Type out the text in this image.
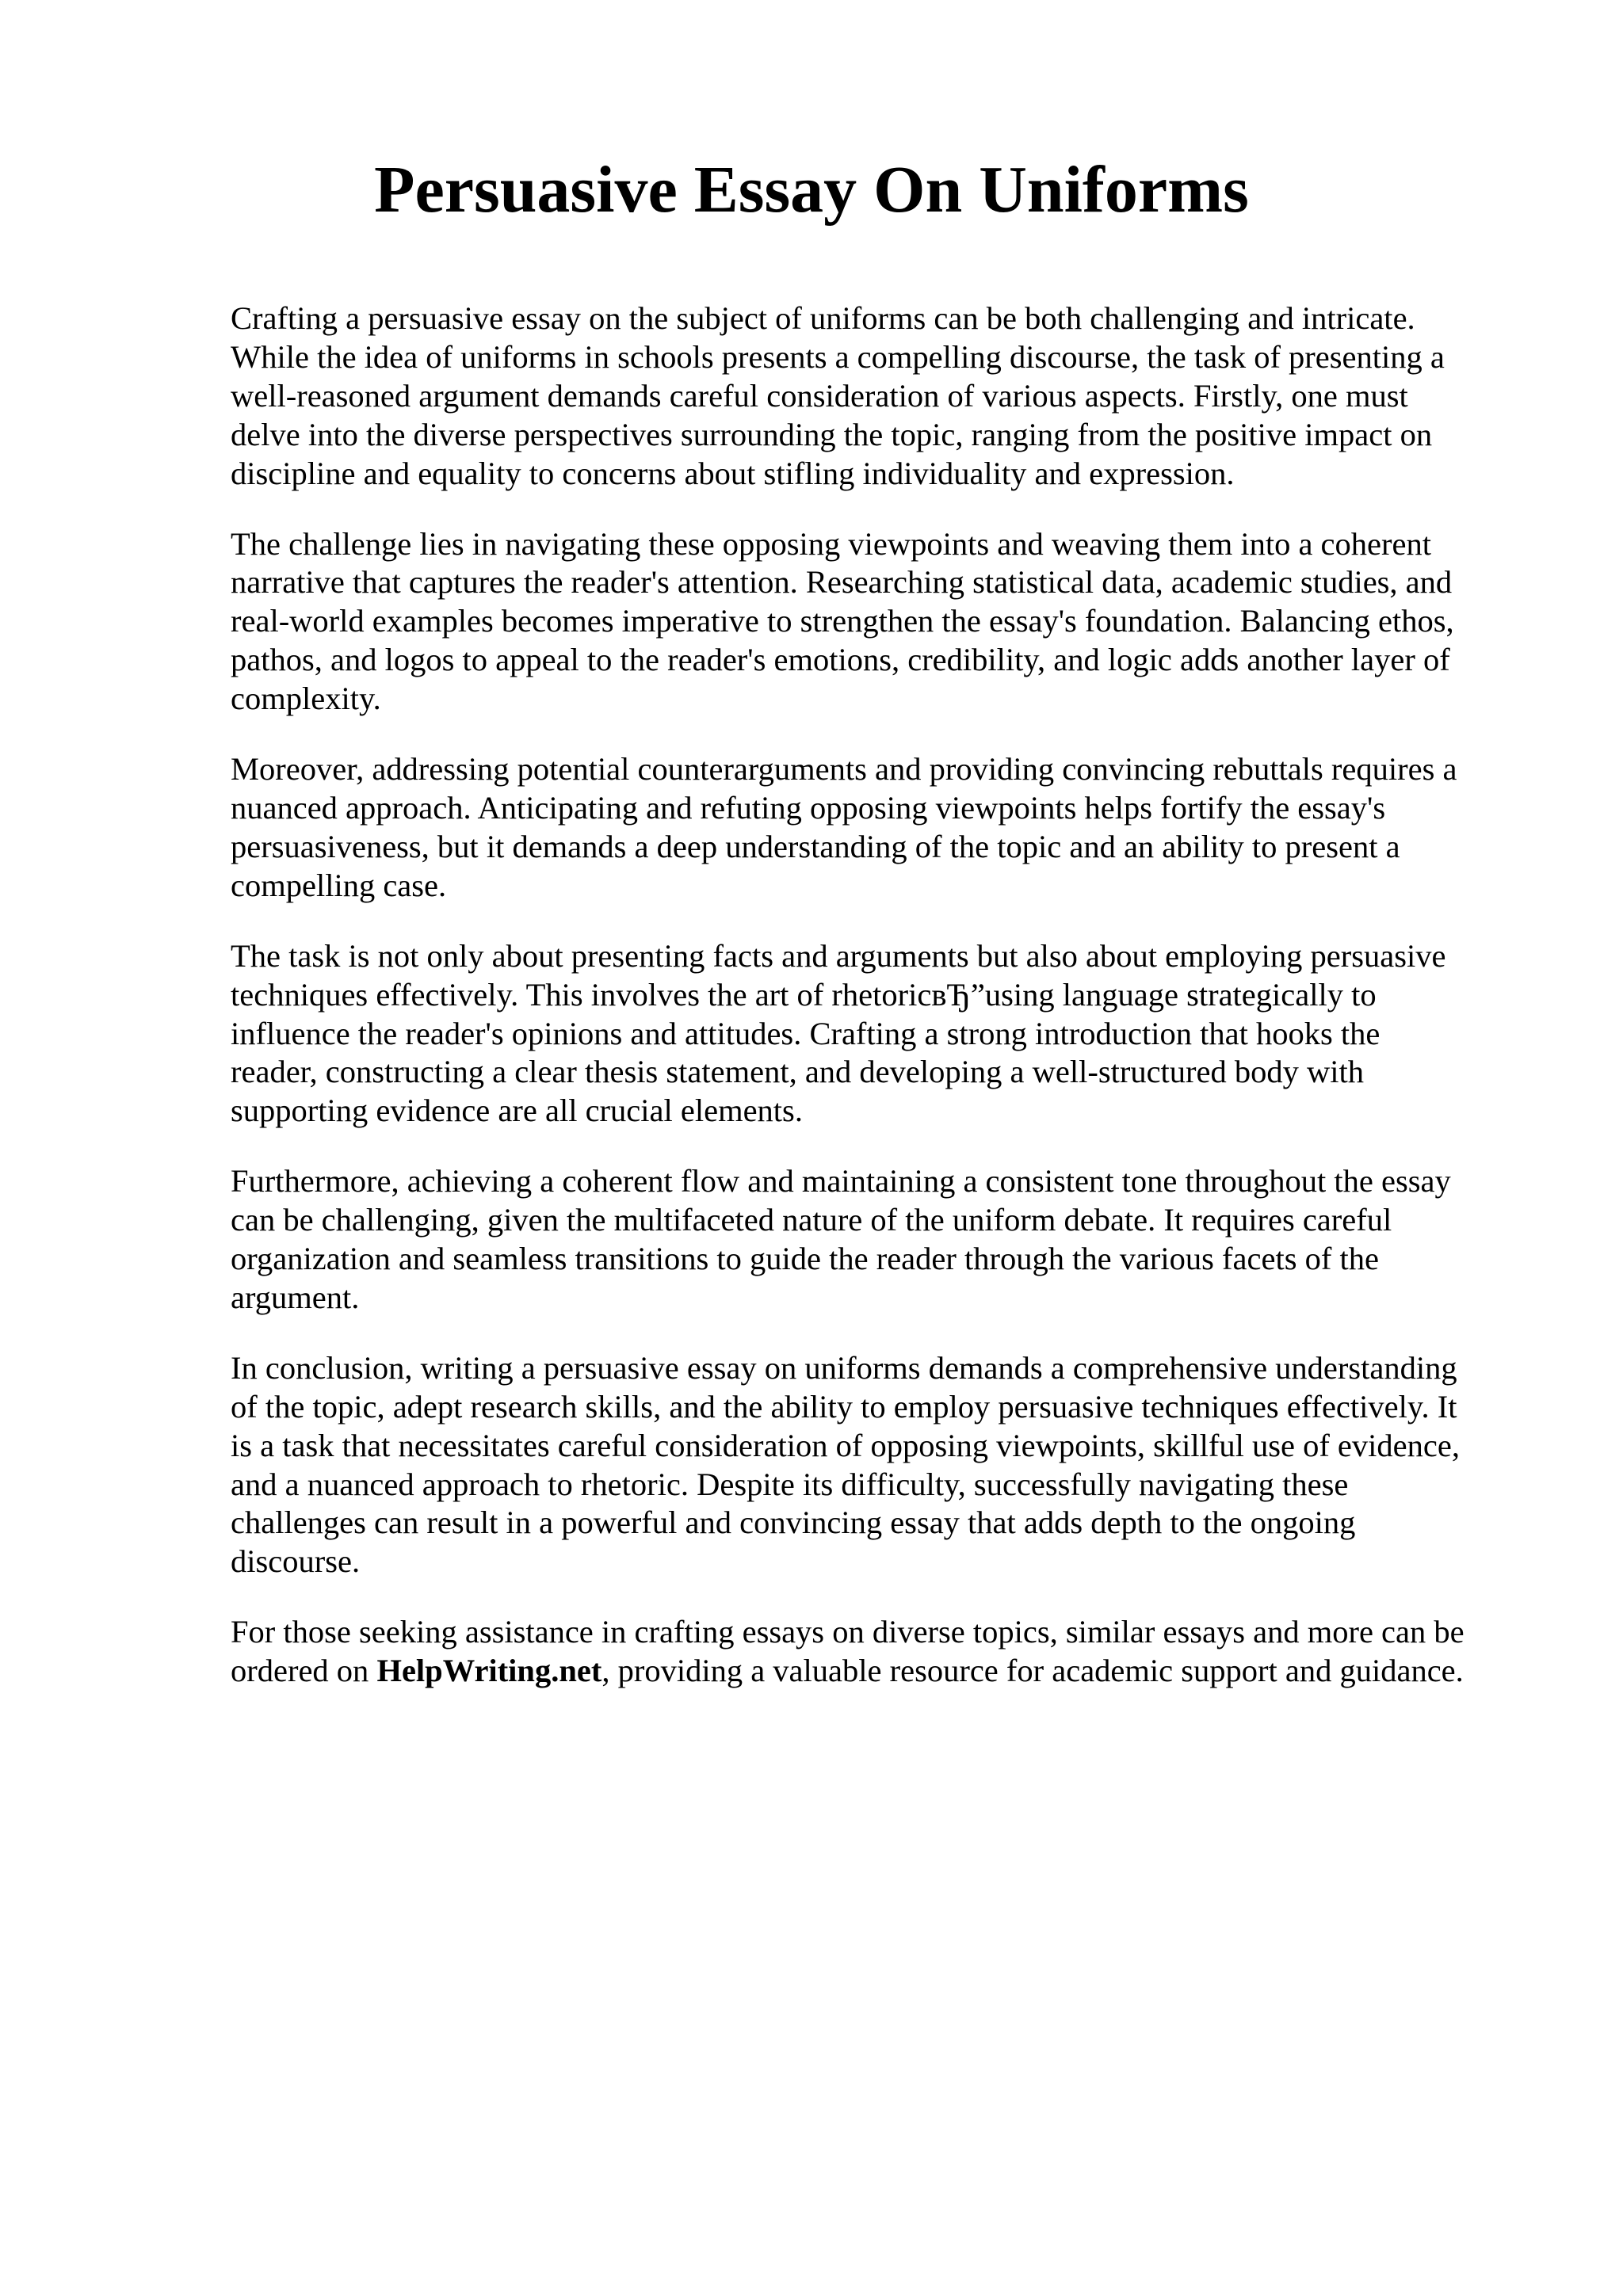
Persuasive Essay On Uniforms

Crafting a persuasive essay on the subject of uniforms can be both challenging and intricate.
While the idea of uniforms in schools presents a compelling discourse, the task of presenting a
well-reasoned argument demands careful consideration of various aspects. Firstly, one must
delve into the diverse perspectives surrounding the topic, ranging from the positive impact on
discipline and equality to concerns about stifling individuality and expression.

The challenge lies in navigating these opposing viewpoints and weaving them into a coherent
narrative that captures the reader's attention. Researching statistical data, academic studies, and
real-world examples becomes imperative to strengthen the essay's foundation. Balancing ethos,
pathos, and logos to appeal to the reader's emotions, credibility, and logic adds another layer of
complexity.

Moreover, addressing potential counterarguments and providing convincing rebuttals requires a
nuanced approach. Anticipating and refuting opposing viewpoints helps fortify the essay's
persuasiveness, but it demands a deep understanding of the topic and an ability to present a
compelling case.

The task is not only about presenting facts and arguments but also about employing persuasive
techniques effectively. This involves the art of rhetoricвЂ”using language strategically to
influence the reader's opinions and attitudes. Crafting a strong introduction that hooks the
reader, constructing a clear thesis statement, and developing a well-structured body with
supporting evidence are all crucial elements.

Furthermore, achieving a coherent flow and maintaining a consistent tone throughout the essay
can be challenging, given the multifaceted nature of the uniform debate. It requires careful
organization and seamless transitions to guide the reader through the various facets of the
argument.

In conclusion, writing a persuasive essay on uniforms demands a comprehensive understanding
of the topic, adept research skills, and the ability to employ persuasive techniques effectively. It
is a task that necessitates careful consideration of opposing viewpoints, skillful use of evidence,
and a nuanced approach to rhetoric. Despite its difficulty, successfully navigating these
challenges can result in a powerful and convincing essay that adds depth to the ongoing
discourse.

For those seeking assistance in crafting essays on diverse topics, similar essays and more can be
ordered on HelpWriting.net, providing a valuable resource for academic support and guidance.
